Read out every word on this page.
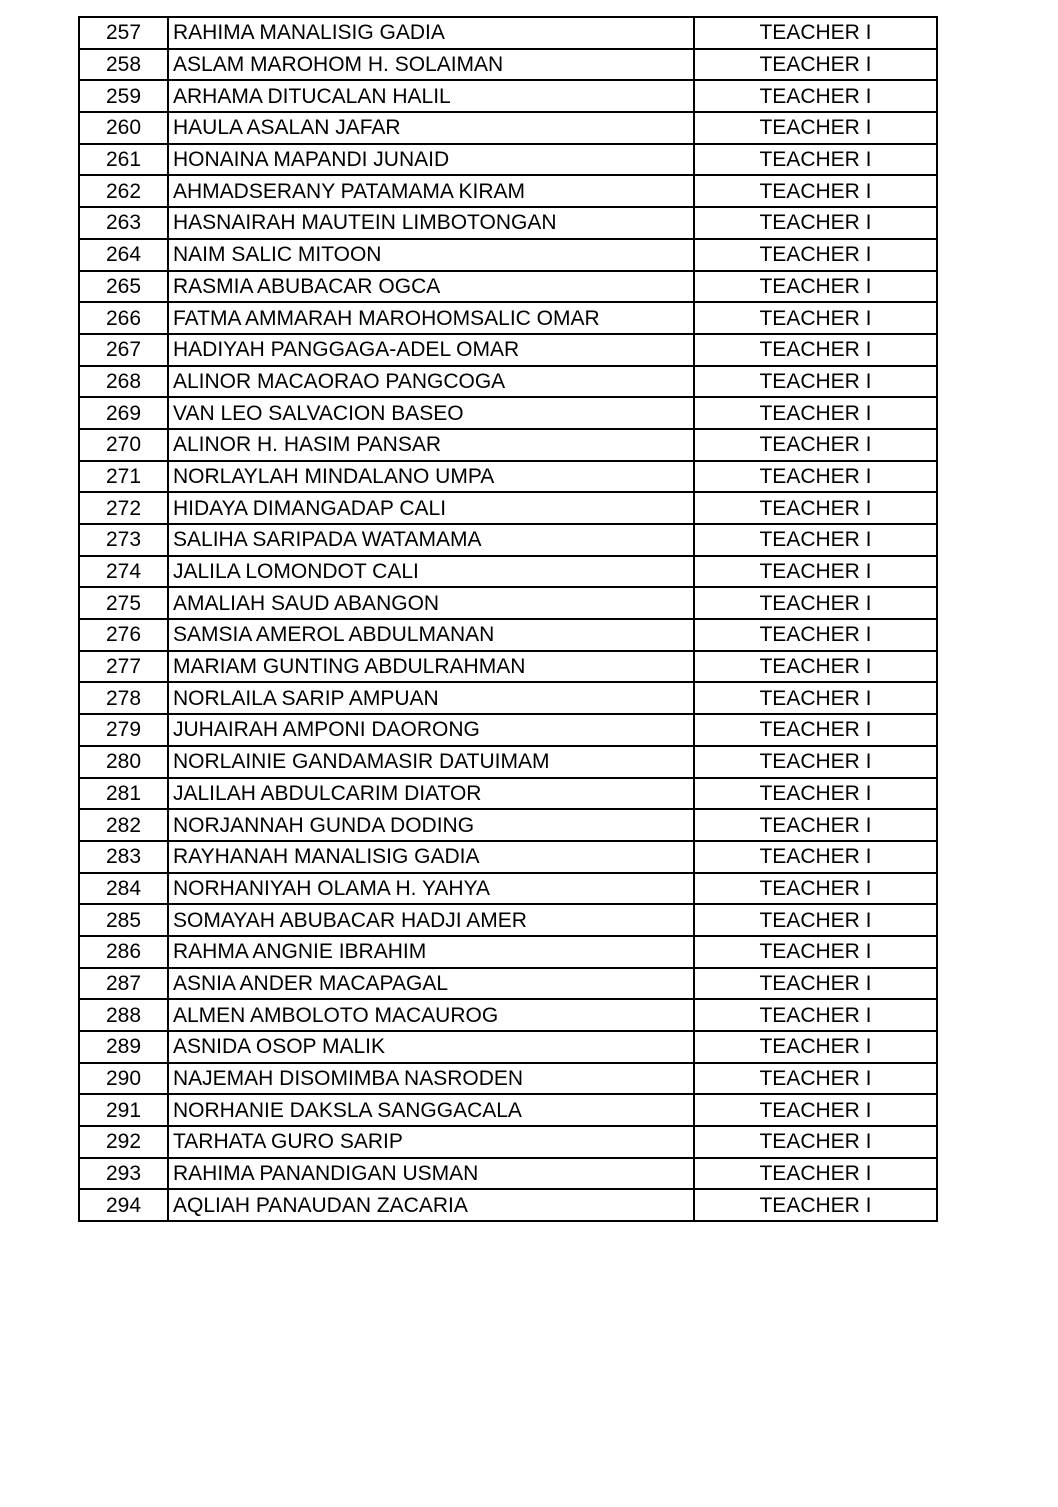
257	RAHIMA MANALISIG GADIA	TEACHER I
258	ASLAM MAROHOM H. SOLAIMAN	TEACHER I
259	ARHAMA DITUCALAN HALIL	TEACHER I
260	HAULA ASALAN JAFAR	TEACHER I
261	HONAINA MAPANDI JUNAID	TEACHER I
262	AHMADSERANY PATAMAMA KIRAM	TEACHER I
263	HASNAIRAH MAUTEIN LIMBOTONGAN	TEACHER I
264	NAIM SALIC MITOON	TEACHER I
265	RASMIA ABUBACAR OGCA	TEACHER I
266	FATMA AMMARAH MAROHOMSALIC OMAR	TEACHER I
267	HADIYAH PANGGAGA-ADEL OMAR	TEACHER I
268	ALINOR MACAORAO PANGCOGA	TEACHER I
269	VAN LEO SALVACION BASEO	TEACHER I
270	ALINOR H. HASIM PANSAR	TEACHER I
271	NORLAYLAH MINDALANO UMPA	TEACHER I
272	HIDAYA DIMANGADAP CALI	TEACHER I
273	SALIHA SARIPADA WATAMAMA	TEACHER I
274	JALILA LOMONDOT CALI	TEACHER I
275	AMALIAH SAUD ABANGON	TEACHER I
276	SAMSIA AMEROL ABDULMANAN	TEACHER I
277	MARIAM GUNTING ABDULRAHMAN	TEACHER I
278	NORLAILA SARIP AMPUAN	TEACHER I
279	JUHAIRAH AMPONI DAORONG	TEACHER I
280	NORLAINIE GANDAMASIR DATUIMAM	TEACHER I
281	JALILAH ABDULCARIM DIATOR	TEACHER I
282	NORJANNAH GUNDA DODING	TEACHER I
283	RAYHANAH MANALISIG GADIA	TEACHER I
284	NORHANIYAH OLAMA H. YAHYA	TEACHER I
285	SOMAYAH ABUBACAR HADJI AMER	TEACHER I
286	RAHMA ANGNIE IBRAHIM	TEACHER I
287	ASNIA ANDER MACAPAGAL	TEACHER I
288	ALMEN AMBOLOTO MACAUROG	TEACHER I
289	ASNIDA OSOP MALIK	TEACHER I
290	NAJEMAH DISOMIMBA NASRODEN	TEACHER I
291	NORHANIE DAKSLA SANGGACALA	TEACHER I
292	TARHATA GURO SARIP	TEACHER I
293	RAHIMA PANANDIGAN USMAN	TEACHER I
294	AQLIAH PANAUDAN ZACARIA	TEACHER I
